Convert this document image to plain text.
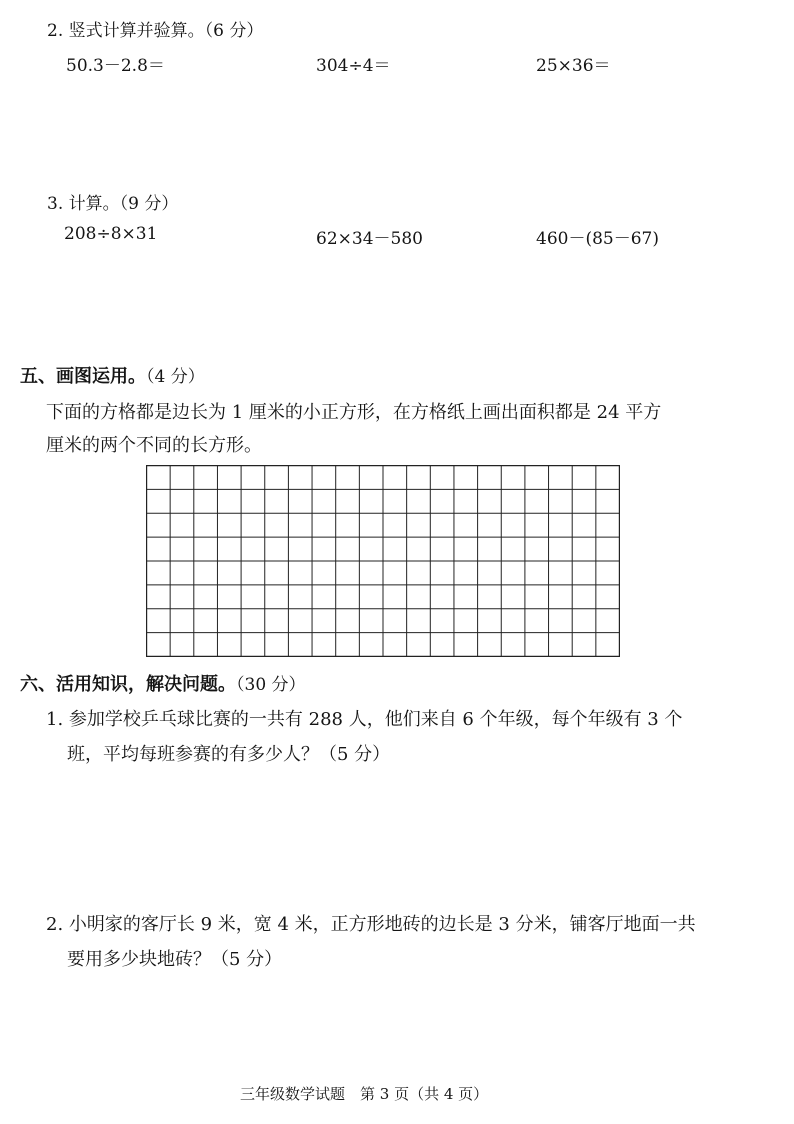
2. 竖式计算并验算。（6 分）
50.3－2.8＝	304÷4＝	25×36＝
3. 计算。（9 分）
208÷8×31	62×34－580	460－(85－67)
五、画图运用。（4 分）
下面的方格都是边长为 1 厘米的小正方形，在方格纸上画出面积都是 24 平方
厘米的两个不同的长方形。
六、活用知识，解决问题。（30 分）
1. 参加学校乒乓球比赛的一共有 288 人，他们来自 6 个年级，每个年级有 3 个
班，平均每班参赛的有多少人？（5 分）
2. 小明家的客厅长 9 米，宽 4 米，正方形地砖的边长是 3 分米，铺客厅地面一共
要用多少块地砖？（5 分）
三年级数学试题　第 3 页（共 4 页）
